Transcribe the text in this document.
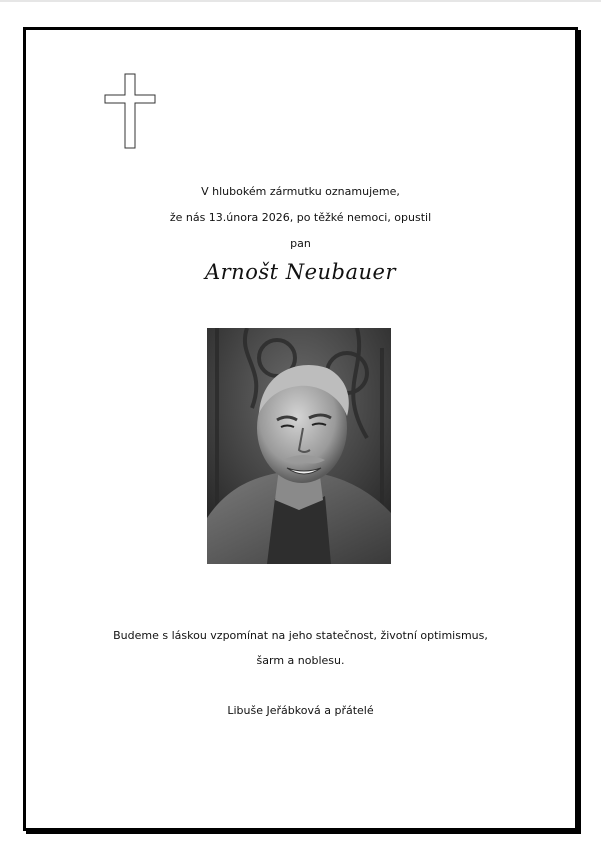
V hlubokém zármutku oznamujeme,
že nás 13.února 2026, po těžké nemoci, opustil
pan
Arnošt Neubauer
Budeme s láskou vzpomínat na jeho statečnost, životní optimismus,
šarm a noblesu.
Libuše Jeřábková a přátelé
